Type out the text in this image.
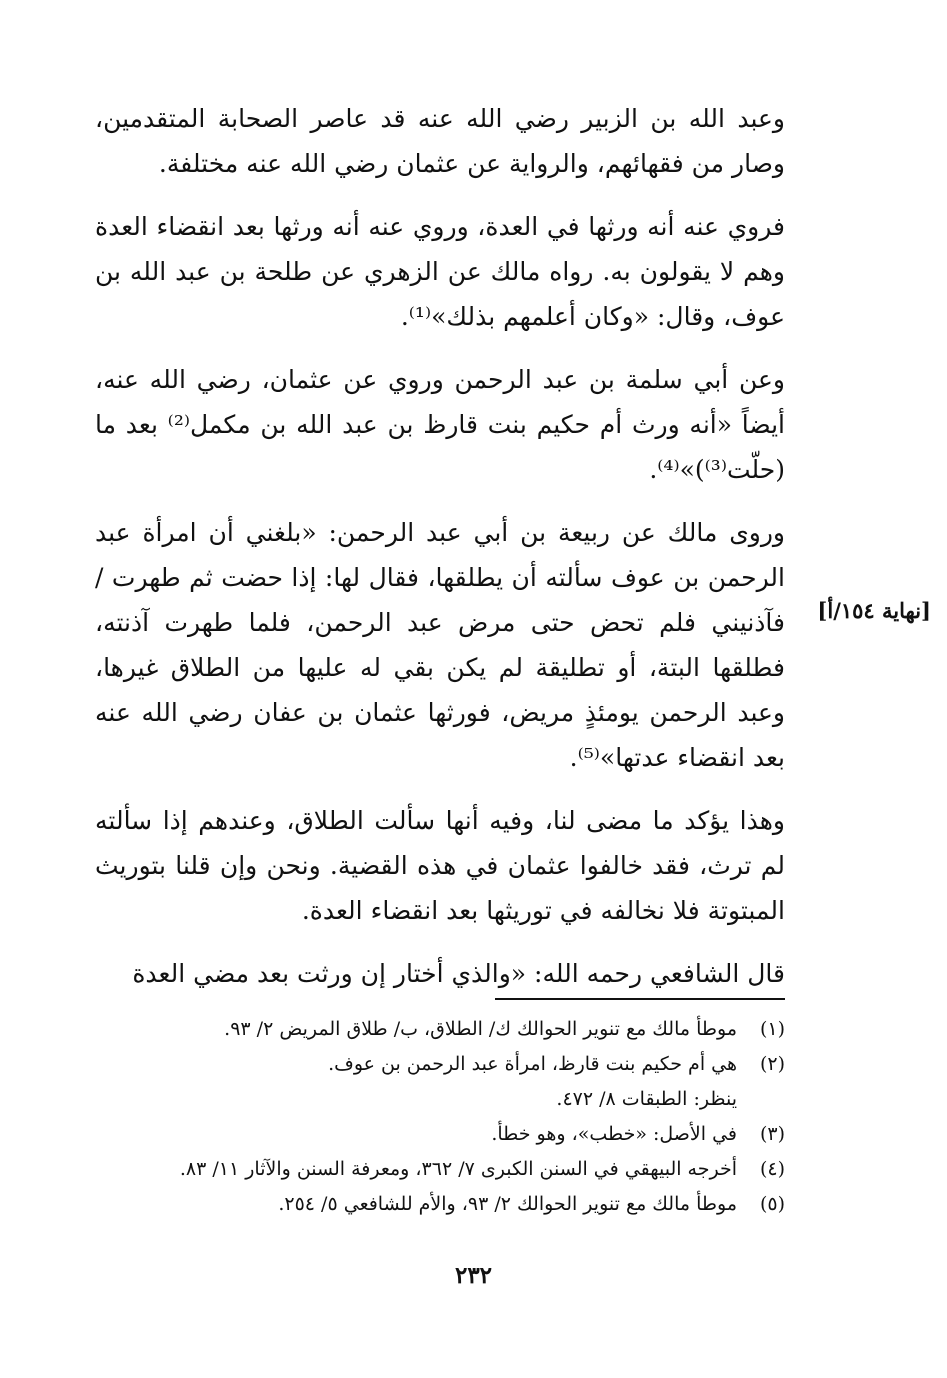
وعبد الله بن الزبير رضي الله عنه قد عاصر الصحابة المتقدمين، وصار من فقهائهم، والرواية عن عثمان رضي الله عنه مختلفة.

فروي عنه أنه ورثها في العدة، وروي عنه أنه ورثها بعد انقضاء العدة وهم لا يقولون به. رواه مالك عن الزهري عن طلحة بن عبد الله بن عوف، وقال: «وكان أعلمهم بذلك»⁽¹⁾.

وعن أبي سلمة بن عبد الرحمن وروي عن عثمان، رضي الله عنه، أيضاً «أنه ورث أم حكيم بنت قارظ بن عبد الله بن مكمل⁽²⁾ بعد ما (حلّت⁽³⁾)»⁽⁴⁾.

وروى مالك عن ربيعة بن أبي عبد الرحمن: «بلغني أن امرأة عبد الرحمن بن عوف سألته أن يطلقها، فقال لها: إذا حضت ثم طهرت / فآذنيني فلم تحض حتى مرض عبد الرحمن، فلما طهرت آذنته، فطلقها البتة، أو تطليقة لم يكن بقي له عليها من الطلاق غيرها، وعبد الرحمن يومئذٍ مريض، فورثها عثمان بن عفان رضي الله عنه بعد انقضاء عدتها»⁽⁵⁾.

وهذا يؤكد ما مضى لنا، وفيه أنها سألت الطلاق، وعندهم إذا سألته لم ترث، فقد خالفوا عثمان في هذه القضية. ونحن وإن قلنا بتوريث المبتوتة فلا نخالفه في توريثها بعد انقضاء العدة.

قال الشافعي رحمه الله: «والذي أختار إن ورثت بعد مضي العدة

[نهاية ١٥٤/أ]
(١)
موطأ مالك مع تنوير الحوالك ك/ الطلاق، ب/ طلاق المريض ٢/ ٩٣.
(٢)
هي أم حكيم بنت قارظ، امرأة عبد الرحمن بن عوف.
ينظر: الطبقات ٨/ ٤٧٢.
(٣)
في الأصل: «خطب»، وهو خطأ.
(٤)
أخرجه البيهقي في السنن الكبرى ٧/ ٣٦٢، ومعرفة السنن والآثار ١١/ ٨٣.
(٥)
موطأ مالك مع تنوير الحوالك ٢/ ٩٣، والأم للشافعي ٥/ ٢٥٤.
٢٣٢
